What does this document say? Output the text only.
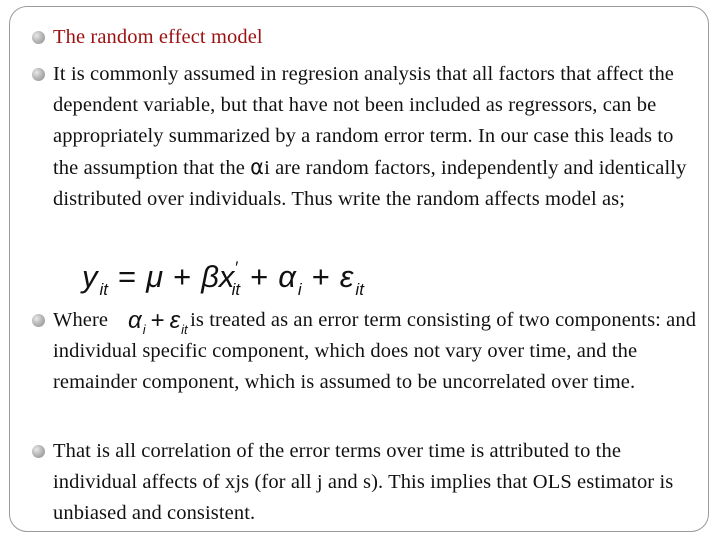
The random effect model
It is commonly assumed in regresion analysis that all factors that affect the dependent variable, but that have not been included as regressors, can be appropriately summarized by a random error term. In our case this leads to the assumption that the αi are random factors, independently and identically distributed over individuals. Thus write the random affects model as;
y $_{it} = \mu + \beta x'_{it} + \alpha$ $_i$ + ε $_{it}$
Where	is treated as an error term consisting of two components: and individual specific component, which does not vary over time, and the remainder component, which is assumed to be uncorrelated over time.
$\alpha_i + \varepsilon_{it}$
That is all correlation of the error terms over time is attributed to the individual affects of xjs (for all j and s). This implies that OLS estimator is unbiased and consistent.
